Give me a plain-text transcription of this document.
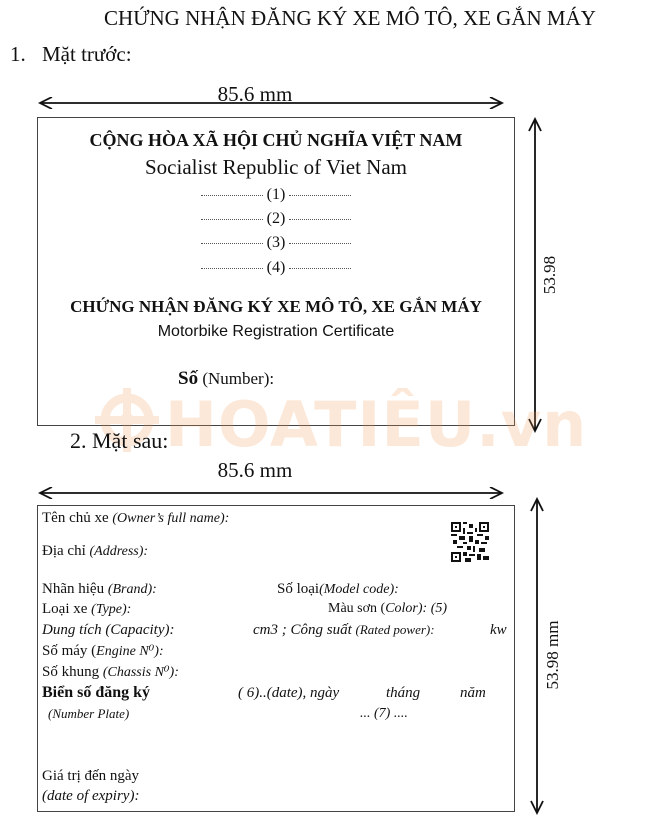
CHỨNG NHẬN ĐĂNG KÝ XE MÔ TÔ, XE GẮN MÁY
1. Mặt trước:
85.6 mm
53.98
CỘNG HÒA XÃ HỘI CHỦ NGHĨA VIỆT NAM
Socialist Republic of Viet Nam
(1)
(2)
(3)
(4)
CHỨNG NHẬN ĐĂNG KÝ XE MÔ TÔ, XE GẮN MÁY
Motorbike Registration Certificate
Số (Number):
HOATIÊU.vn
2. Mặt sau:
85.6 mm
53.98 mm
Tên chủ xe (Owner’s full name):
Địa chỉ (Address):
Nhãn hiệu (Brand):	Số loại(Model code):
Loại xe (Type):	Màu sơn (Color): (5)
Dung tích (Capacity):	cm3 ; Công suất (Rated power):	kw
Số máy (Engine N⁰):
Số khung (Chassis N⁰):
Biển số đăng ký	( 6)..(date), ngày	tháng	năm
(Number Plate)	... (7) ....
Giá trị đến ngày
(date of expiry):
